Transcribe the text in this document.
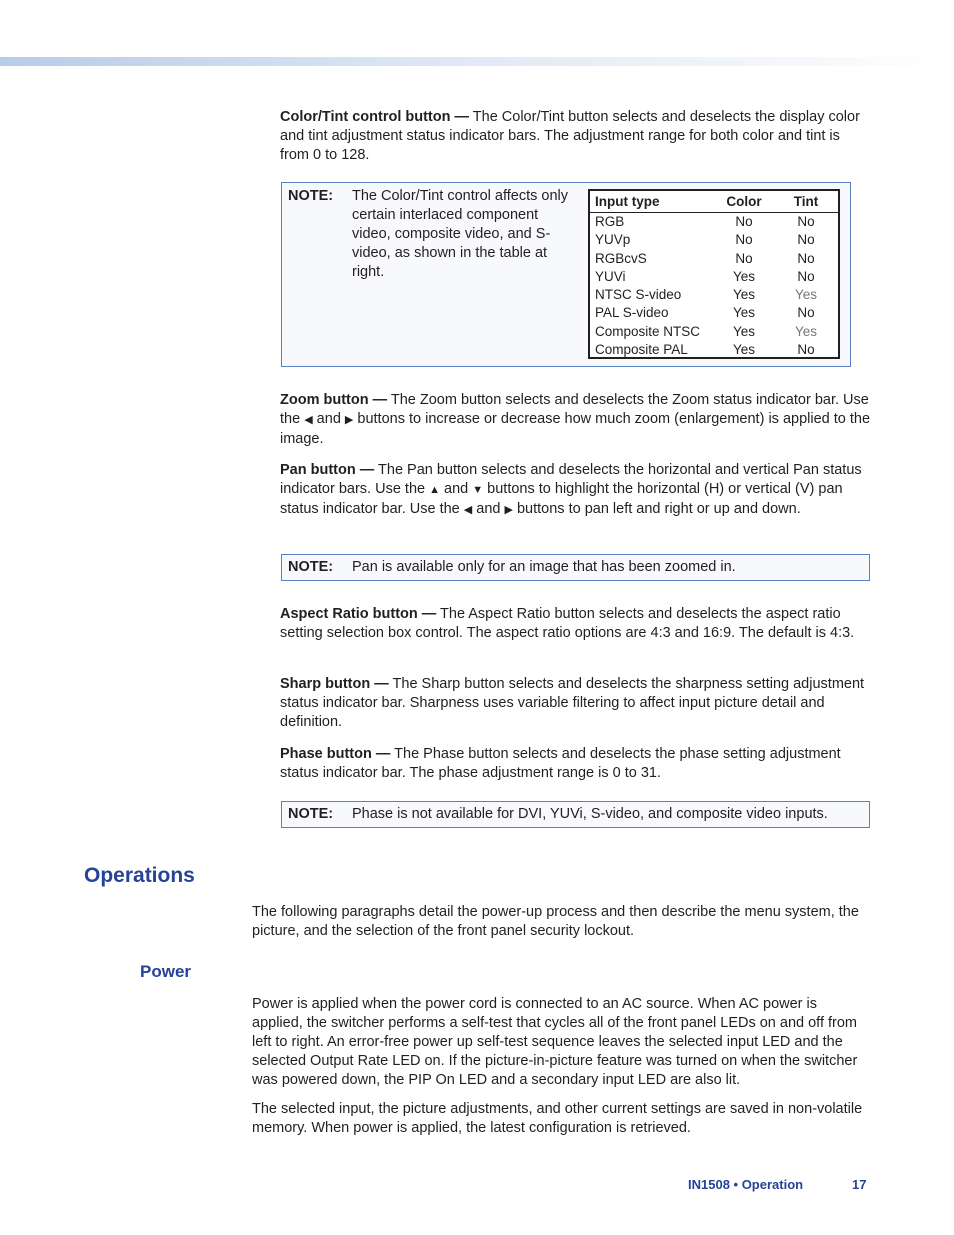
Color/Tint control button — The Color/Tint button selects and deselects the display color and tint adjustment status indicator bars. The adjustment range for both color and tint is from 0 to 128.

NOTE: The Color/Tint control affects only certain interlaced component video, composite video, and S-video, as shown in the table at right.
Input type	Color	Tint
RGB	No	No
YUVp	No	No
RGBcvS	No	No
YUVi	Yes	No
NTSC S-video	Yes	Yes
PAL S-video	Yes	No
Composite NTSC	Yes	Yes
Composite PAL	Yes	No

Zoom button — The Zoom button selects and deselects the Zoom status indicator bar. Use the ◀ and ▶ buttons to increase or decrease how much zoom (enlargement) is applied to the image.

Pan button — The Pan button selects and deselects the horizontal and vertical Pan status indicator bars. Use the ▲ and ▼ buttons to highlight the horizontal (H) or vertical (V) pan status indicator bar. Use the ◀ and ▶ buttons to pan left and right or up and down.

NOTE: Pan is available only for an image that has been zoomed in.

Aspect Ratio button — The Aspect Ratio button selects and deselects the aspect ratio setting selection box control. The aspect ratio options are 4:3 and 16:9. The default is 4:3.

Sharp button — The Sharp button selects and deselects the sharpness setting adjustment status indicator bar. Sharpness uses variable filtering to affect input picture detail and definition.

Phase button — The Phase button selects and deselects the phase setting adjustment status indicator bar. The phase adjustment range is 0 to 31.

NOTE: Phase is not available for DVI, YUVi, S-video, and composite video inputs.
Operations

The following paragraphs detail the power-up process and then describe the menu system, the picture, and the selection of the front panel security lockout.

Power

Power is applied when the power cord is connected to an AC source. When AC power is applied, the switcher performs a self-test that cycles all of the front panel LEDs on and off from left to right. An error-free power up self-test sequence leaves the selected input LED and the selected Output Rate LED on. If the picture-in-picture feature was turned on when the switcher was powered down, the PIP On LED and a secondary input LED are also lit.

The selected input, the picture adjustments, and other current settings are saved in non-volatile memory. When power is applied, the latest configuration is retrieved.

IN1508 • Operation	17
